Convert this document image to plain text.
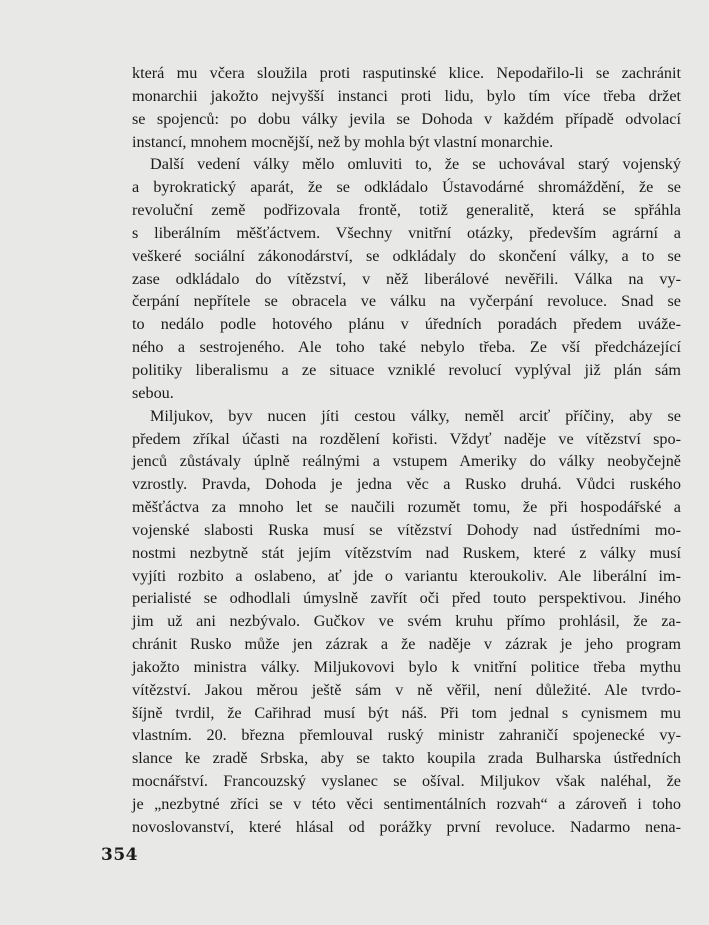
která mu včera sloužila proti rasputinské klice. Nepodařilo-li se zachránit
monarchii jakožto nejvyšší instanci proti lidu, bylo tím více třeba držet
se spojenců: po dobu války jevila se Dohoda v každém případě odvolací
instancí, mnohem mocnější, než by mohla být vlastní monarchie.
Další vedení války mělo omluviti to, že se uchovával starý vojenský
a byrokratický aparát, že se odkládalo Ústavodárné shromáždění, že se
revoluční země podřizovala frontě, totiž generalitě, která se spřáhla
s liberálním měšťáctvem. Všechny vnitřní otázky, především agrární a
veškeré sociální zákonodárství, se odkládaly do skončení války, a to se
zase odkládalo do vítězství, v něž liberálové nevěřili. Válka na vy-
čerpání nepřítele se obracela ve válku na vyčerpání revoluce. Snad se
to nedálo podle hotového plánu v úředních poradách předem uváže-
ného a sestrojeného. Ale toho také nebylo třeba. Ze vší předcházející
politiky liberalismu a ze situace vzniklé revolucí vyplýval již plán sám
sebou.
Miljukov, byv nucen jíti cestou války, neměl arciť příčiny, aby se
předem zříkal účasti na rozdělení kořisti. Vždyť naděje ve vítězství spo-
jenců zůstávaly úplně reálnými a vstupem Ameriky do války neobyčejně
vzrostly. Pravda, Dohoda je jedna věc a Rusko druhá. Vůdci ruského
měšťáctva za mnoho let se naučili rozumět tomu, že při hospodářské a
vojenské slabosti Ruska musí se vítězství Dohody nad ústředními mo-
nostmi nezbytně stát jejím vítězstvím nad Ruskem, které z války musí
vyjíti rozbito a oslabeno, ať jde o variantu kteroukoliv. Ale liberální im-
perialisté se odhodlali úmyslně zavřít oči před touto perspektivou. Jiného
jim už ani nezbývalo. Gučkov ve svém kruhu přímo prohlásil, že za-
chránit Rusko může jen zázrak a že naděje v zázrak je jeho program
jakožto ministra války. Miljukovovi bylo k vnitřní politice třeba mythu
vítězství. Jakou měrou ještě sám v ně věřil, není důležité. Ale tvrdo-
šíjně tvrdil, že Cařihrad musí být náš. Při tom jednal s cynismem mu
vlastním. 20. března přemlouval ruský ministr zahraničí spojenecké vy-
slance ke zradě Srbska, aby se takto koupila zrada Bulharska ústředních
mocnářství. Francouzský vyslanec se ošíval. Miljukov však naléhal, že
je „nezbytné zříci se v této věci sentimentálních rozvah“ a zároveň i toho
novoslovanství, které hlásal od porážky první revoluce. Nadarmo nena-
354
